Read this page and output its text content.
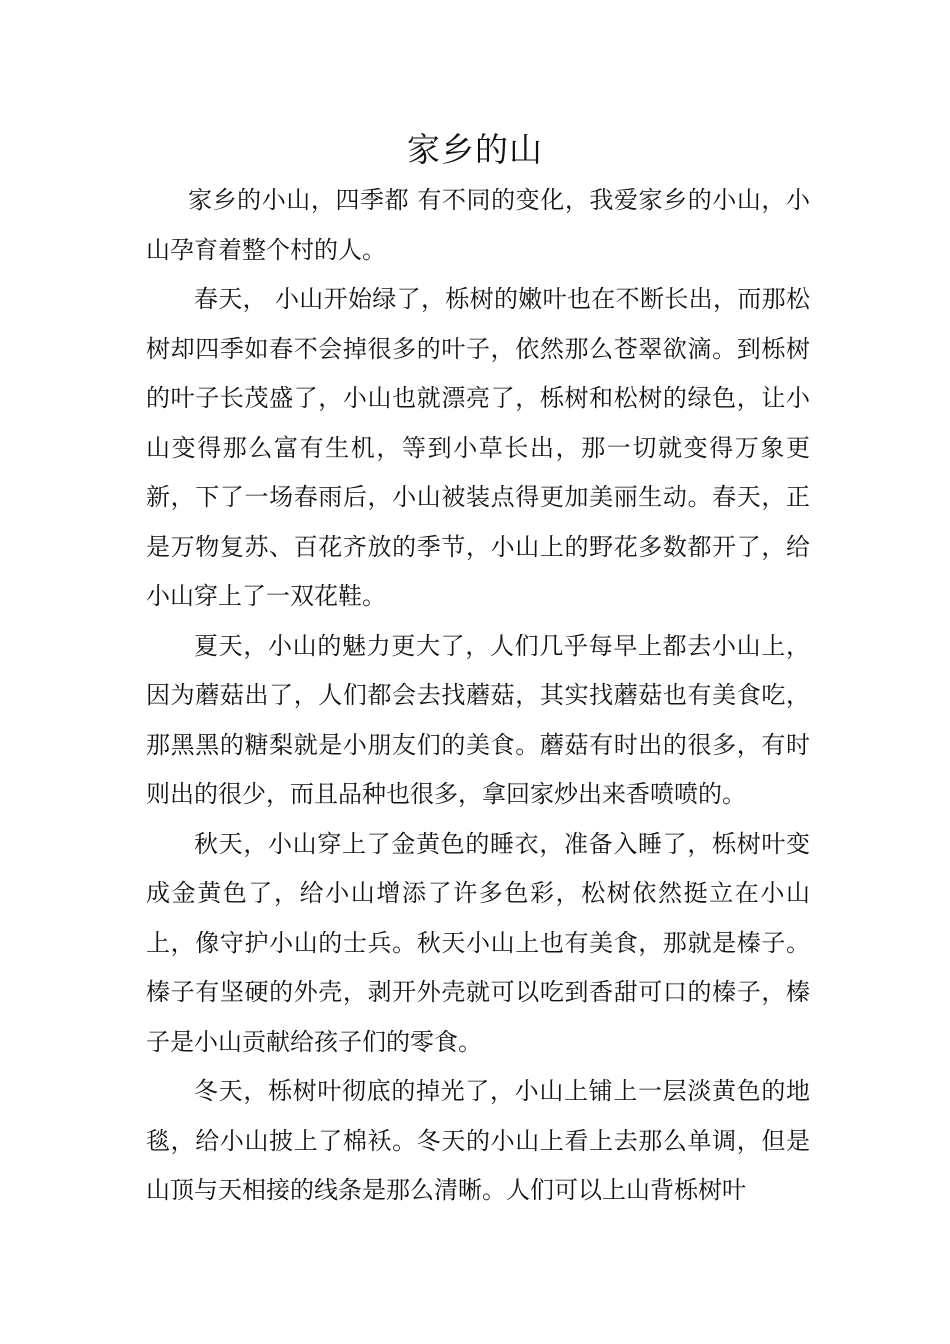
家乡的山

家乡的小山，四季都 有不同的变化，我爱家乡的小山，小山孕育着整个村的人。

春天， 小山开始绿了，栎树的嫩叶也在不断长出，而那松树却四季如春不会掉很多的叶子，依然那么苍翠欲滴。到栎树的叶子长茂盛了，小山也就漂亮了，栎树和松树的绿色，让小山变得那么富有生机，等到小草长出，那一切就变得万象更新，下了一场春雨后，小山被装点得更加美丽生动。春天，正是万物复苏、百花齐放的季节，小山上的野花多数都开了，给小山穿上了一双花鞋。

夏天，小山的魅力更大了，人们几乎每早上都去小山上，因为蘑菇出了，人们都会去找蘑菇，其实找蘑菇也有美食吃，那黑黑的糖梨就是小朋友们的美食。蘑菇有时出的很多，有时则出的很少，而且品种也很多，拿回家炒出来香喷喷的。

秋天，小山穿上了金黄色的睡衣，准备入睡了，栎树叶变成金黄色了，给小山增添了许多色彩，松树依然挺立在小山上，像守护小山的士兵。秋天小山上也有美食，那就是榛子。榛子有坚硬的外壳，剥开外壳就可以吃到香甜可口的榛子，榛子是小山贡献给孩子们的零食。

冬天，栎树叶彻底的掉光了，小山上铺上一层淡黄色的地毯，给小山披上了棉袄。冬天的小山上看上去那么单调，但是山顶与天相接的线条是那么清晰。人们可以上山背栎树叶
